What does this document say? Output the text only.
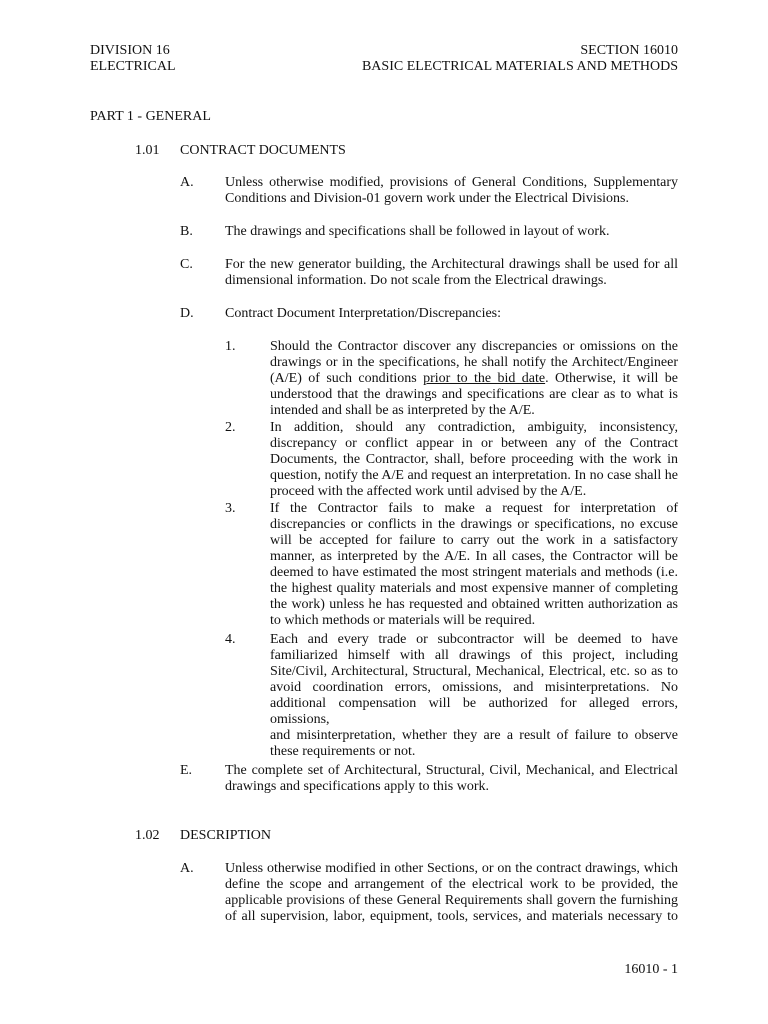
DIVISION 16
ELECTRICAL
SECTION 16010
BASIC ELECTRICAL MATERIALS AND METHODS
PART 1 - GENERAL
1.01 CONTRACT DOCUMENTS
A. Unless otherwise modified, provisions of General Conditions, Supplementary
Conditions and Division-01 govern work under the Electrical Divisions.
B. The drawings and specifications shall be followed in layout of work.
C. For the new generator building, the Architectural drawings shall be used for all
dimensional information. Do not scale from the Electrical drawings.
D. Contract Document Interpretation/Discrepancies:
1. Should the Contractor discover any discrepancies or omissions on the
drawings or in the specifications, he shall notify the Architect/Engineer
(A/E) of such conditions prior to the bid date. Otherwise, it will be
understood that the drawings and specifications are clear as to what is
intended and shall be as interpreted by the A/E.
2. In addition, should any contradiction, ambiguity, inconsistency,
discrepancy or conflict appear in or between any of the Contract
Documents, the Contractor, shall, before proceeding with the work in
question, notify the A/E and request an interpretation. In no case shall he
proceed with the affected work until advised by the A/E.
3. If the Contractor fails to make a request for interpretation of
discrepancies or conflicts in the drawings or specifications, no excuse
will be accepted for failure to carry out the work in a satisfactory
manner, as interpreted by the A/E. In all cases, the Contractor will be
deemed to have estimated the most stringent materials and methods (i.e.
the highest quality materials and most expensive manner of completing
the work) unless he has requested and obtained written authorization as
to which methods or materials will be required.
4. Each and every trade or subcontractor will be deemed to have
familiarized himself with all drawings of this project, including
Site/Civil, Architectural, Structural, Mechanical, Electrical, etc. so as to
avoid coordination errors, omissions, and misinterpretations. No
additional compensation will be authorized for alleged errors, omissions,
and misinterpretation, whether they are a result of failure to observe
these requirements or not.
E. The complete set of Architectural, Structural, Civil, Mechanical, and Electrical
drawings and specifications apply to this work.
1.02 DESCRIPTION
A. Unless otherwise modified in other Sections, or on the contract drawings, which
define the scope and arrangement of the electrical work to be provided, the
applicable provisions of these General Requirements shall govern the furnishing
of all supervision, labor, equipment, tools, services, and materials necessary to
16010 - 1
